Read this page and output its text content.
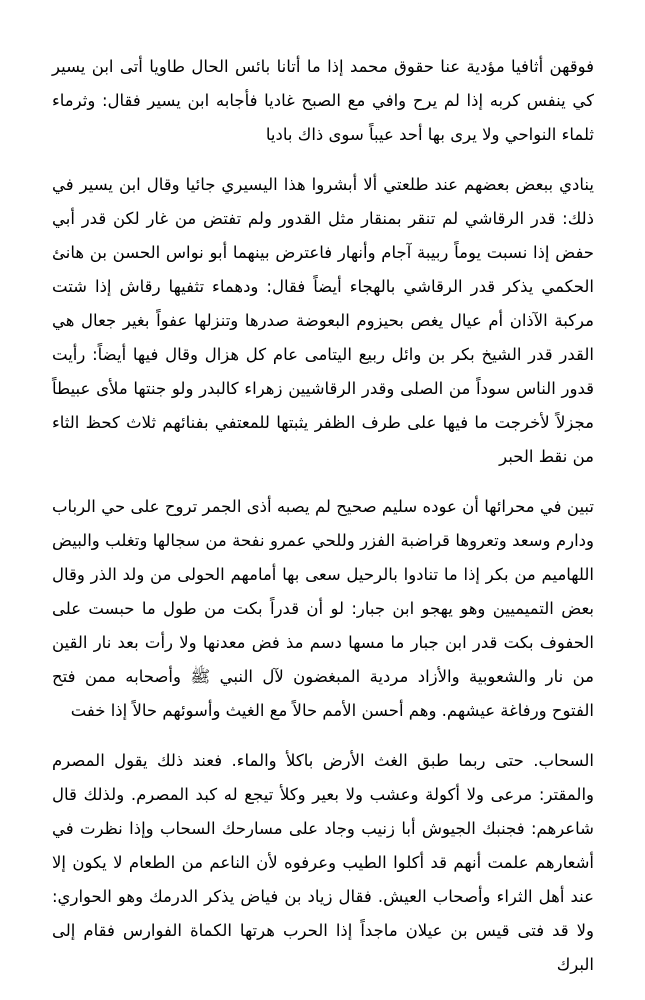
فوقهن أثافيا مؤدية عنا حقوق محمد إذا ما أتانا بائس الحال طاويا أتى ابن يسير كي ينفس كربه إذا لم يرح وافي مع الصبح غاديا فأجابه ابن يسير فقال: وثرماء ثلماء النواحي ولا يرى بها أحد عيباً سوى ذاك باديا

ينادي ببعض بعضهم عند طلعتي ألا أبشروا هذا اليسيري جائيا وقال ابن يسير في ذلك: قدر الرقاشي لم تنقر بمنقار مثل القدور ولم تفتض من غار لكن قدر أبي حفض إذا نسبت يوماً ربيبة آجام وأنهار فاعترض بينهما أبو نواس الحسن بن هانئ الحكمي يذكر قدر الرقاشي بالهجاء أيضاً فقال: ودهماء تثفيها رقاش إذا شتت مركبة الآذان أم عيال يغص بحيزوم البعوضة صدرها وتنزلها عفواً بغير جعال هي القدر قدر الشيخ بكر بن وائل ربيع اليتامى عام كل هزال وقال فيها أيضاً: رأيت قدور الناس سوداً من الصلى وقدر الرقاشيين زهراء كالبدر ولو جنتها ملأى عبيطاً مجزلاً لأخرجت ما فيها على طرف الظفر يثبتها للمعتفي بفنائهم ثلاث كحظ الثاء من نقط الحبر

تبين في محرائها أن عوده سليم صحيح لم يصبه أذى الجمر تروح على حي الرباب ودارم وسعد وتعروها قراضبة الفزر وللحي عمرو نفحة من سجالها وتغلب والبيض اللهاميم من بكر إذا ما تنادوا بالرحيل سعى بها أمامهم الحولى من ولد الذر وقال بعض التميميين وهو يهجو ابن جبار: لو أن قدراً بكت من طول ما حبست على الحفوف بكت قدر ابن جبار ما مسها دسم مذ فض معدنها ولا رأت بعد نار القين من نار والشعوبية والأزاد مردية المبغضون لآل النبي ﷺ وأصحابه ممن فتح الفتوح ورفاغة عيشهم. وهم أحسن الأمم حالاً مع الغيث وأسوئهم حالاً إذا خفت

السحاب. حتى ربما طبق الغث الأرض باكلأ والماء. فعند ذلك يقول المصرم والمقتر: مرعى ولا أكولة وعشب ولا بعير وكلأ تيجع له كبد المصرم. ولذلك قال شاعرهم: فجنبك الجيوش أبا زنيب وجاد على مسارحك السحاب وإذا نظرت في أشعارهم علمت أنهم قد أكلوا الطيب وعرفوه لأن الناعم من الطعام لا يكون إلا عند أهل الثراء وأصحاب العيش. فقال زياد بن فياض يذكر الدرمك وهو الحواري: ولا قد فتى قيس بن عيلان ماجداً إذا الحرب هرتها الكماة الفوارس فقام إلى البرك
